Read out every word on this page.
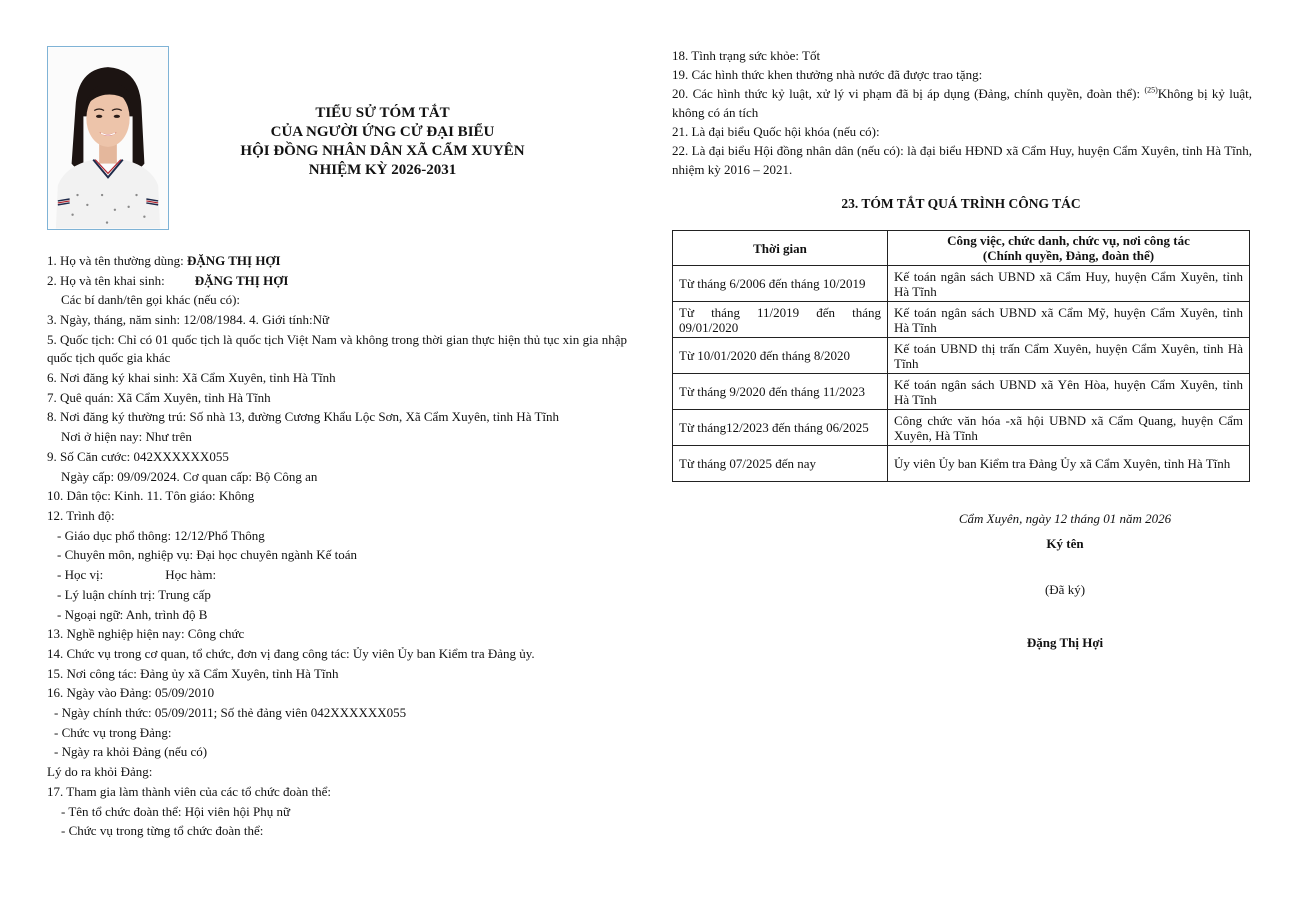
TIỂU SỬ TÓM TẮT
CỦA NGƯỜI ỨNG CỬ ĐẠI BIỂU
HỘI ĐỒNG NHÂN DÂN XÃ CẨM XUYÊN
NHIỆM KỲ 2026-2031
1. Họ và tên thường dùng: ĐẶNG THỊ HỢI
2. Họ và tên khai sinh: ĐẶNG THỊ HỢI
Các bí danh/tên gọi khác (nếu có):
3. Ngày, tháng, năm sinh: 12/08/1984. 4. Giới tính:Nữ
5. Quốc tịch: Chỉ có 01 quốc tịch là quốc tịch Việt Nam và không trong thời gian thực hiện thủ tục xin gia nhập quốc tịch quốc gia khác
6. Nơi đăng ký khai sinh: Xã Cẩm Xuyên, tỉnh Hà Tĩnh
7. Quê quán: Xã Cẩm Xuyên, tỉnh Hà Tĩnh
8. Nơi đăng ký thường trú: Số nhà 13, đường Cương Khẩu Lộc Sơn, Xã Cẩm Xuyên, tỉnh Hà Tĩnh
Nơi ở hiện nay: Như trên
9. Số Căn cước: 042XXXXXX055
Ngày cấp: 09/09/2024. Cơ quan cấp: Bộ Công an
10. Dân tộc: Kinh. 11. Tôn giáo: Không
12. Trình độ:
- Giáo dục phổ thông: 12/12/Phổ Thông
- Chuyên môn, nghiệp vụ: Đại học chuyên ngành Kế toán
- Học vị:	Học hàm:
- Lý luận chính trị: Trung cấp
- Ngoại ngữ: Anh, trình độ B
13. Nghề nghiệp hiện nay: Công chức
14. Chức vụ trong cơ quan, tổ chức, đơn vị đang công tác: Ủy viên Ủy ban Kiểm tra Đảng ủy.
15. Nơi công tác: Đảng ủy xã Cẩm Xuyên, tỉnh Hà Tĩnh
16. Ngày vào Đảng: 05/09/2010
- Ngày chính thức: 05/09/2011; Số thẻ đảng viên 042XXXXXX055
- Chức vụ trong Đảng:
- Ngày ra khỏi Đảng (nếu có)
Lý do ra khỏi Đảng:
17. Tham gia làm thành viên của các tổ chức đoàn thể:
- Tên tổ chức đoàn thể: Hội viên hội Phụ nữ
- Chức vụ trong từng tổ chức đoàn thể:
18. Tình trạng sức khỏe: Tốt
19. Các hình thức khen thưởng nhà nước đã được trao tặng:
20. Các hình thức kỷ luật, xử lý vi phạm đã bị áp dụng (Đảng, chính quyền, đoàn thể): $^{(25)}$Không bị kỷ luật, không có án tích
21. Là đại biểu Quốc hội khóa (nếu có):
22. Là đại biểu Hội đồng nhân dân (nếu có): là đại biểu HĐND xã Cẩm Huy, huyện Cẩm Xuyên, tỉnh Hà Tĩnh, nhiệm kỳ 2016 – 2021.
23. TÓM TẮT QUÁ TRÌNH CÔNG TÁC
Thời gian	Công việc, chức danh, chức vụ, nơi công tác
(Chính quyền, Đảng, đoàn thể)

Từ tháng 6/2006 đến tháng 10/2019	Kế toán ngân sách UBND xã Cẩm Huy, huyện Cẩm Xuyên, tỉnh Hà Tĩnh
Từ tháng 11/2019 đến tháng 09/01/2020	Kế toán ngân sách UBND xã Cẩm Mỹ, huyện Cẩm Xuyên, tỉnh Hà Tĩnh
Từ 10/01/2020 đến tháng 8/2020	Kế toán UBND thị trấn Cẩm Xuyên, huyện Cẩm Xuyên, tỉnh Hà Tĩnh
Từ tháng 9/2020 đến tháng 11/2023	Kế toán ngân sách UBND xã Yên Hòa, huyện Cẩm Xuyên, tỉnh Hà Tĩnh
Từ tháng12/2023 đến tháng 06/2025	Công chức văn hóa -xã hội UBND xã Cẩm Quang, huyện Cẩm Xuyên, Hà Tĩnh
Từ tháng 07/2025 đến nay	Ủy viên Ủy ban Kiểm tra Đảng Ủy xã Cẩm Xuyên, tỉnh Hà Tĩnh
Cẩm Xuyên, ngày 12 tháng 01 năm 2026
Ký tên
(Đã ký)
Đặng Thị Hợi
